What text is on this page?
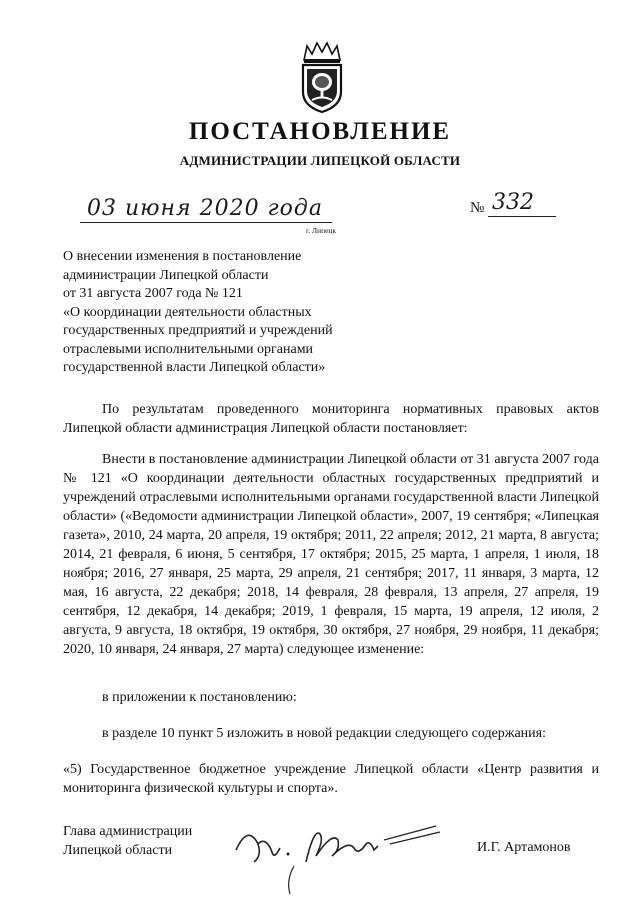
ПОСТАНОВЛЕНИЕ
АДМИНИСТРАЦИИ ЛИПЕЦКОЙ ОБЛАСТИ
03 июня 2020 года
г. Липецк
№ 332
О внесении изменения в постановление
администрации Липецкой области
от 31 августа 2007 года № 121
«О координации деятельности областных
государственных предприятий и учреждений
отраслевыми исполнительными органами
государственной власти Липецкой области»
По результатам проведенного мониторинга нормативных правовых актов Липецкой области администрация Липецкой области постановляет:
Внести в постановление администрации Липецкой области от 31 августа 2007 года № 121 «О координации деятельности областных государственных предприятий и учреждений отраслевыми исполнительными органами государственной власти Липецкой области» («Ведомости администрации Липецкой области», 2007, 19 сентября; «Липецкая газета», 2010, 24 марта, 20 апреля, 19 октября; 2011, 22 апреля; 2012, 21 марта, 8 августа; 2014, 21 февраля, 6 июня, 5 сентября, 17 октября; 2015, 25 марта, 1 апреля, 1 июля, 18 ноября; 2016, 27 января, 25 марта, 29 апреля, 21 сентября; 2017, 11 января, 3 марта, 12 мая, 16 августа, 22 декабря; 2018, 14 февраля, 28 февраля, 13 апреля, 27 апреля, 19 сентября, 12 декабря, 14 декабря; 2019, 1 февраля, 15 марта, 19 апреля, 12 июля, 2 августа, 9 августа, 18 октября, 19 октября, 30 октября, 27 ноября, 29 ноября, 11 декабря; 2020, 10 января, 24 января, 27 марта) следующее изменение:
в приложении к постановлению:
в разделе 10 пункт 5 изложить в новой редакции следующего содержания:
«5) Государственное бюджетное учреждение Липецкой области «Центр развития и мониторинга физической культуры и спорта».
Глава администрации
Липецкой области	И.Г. Артамонов
